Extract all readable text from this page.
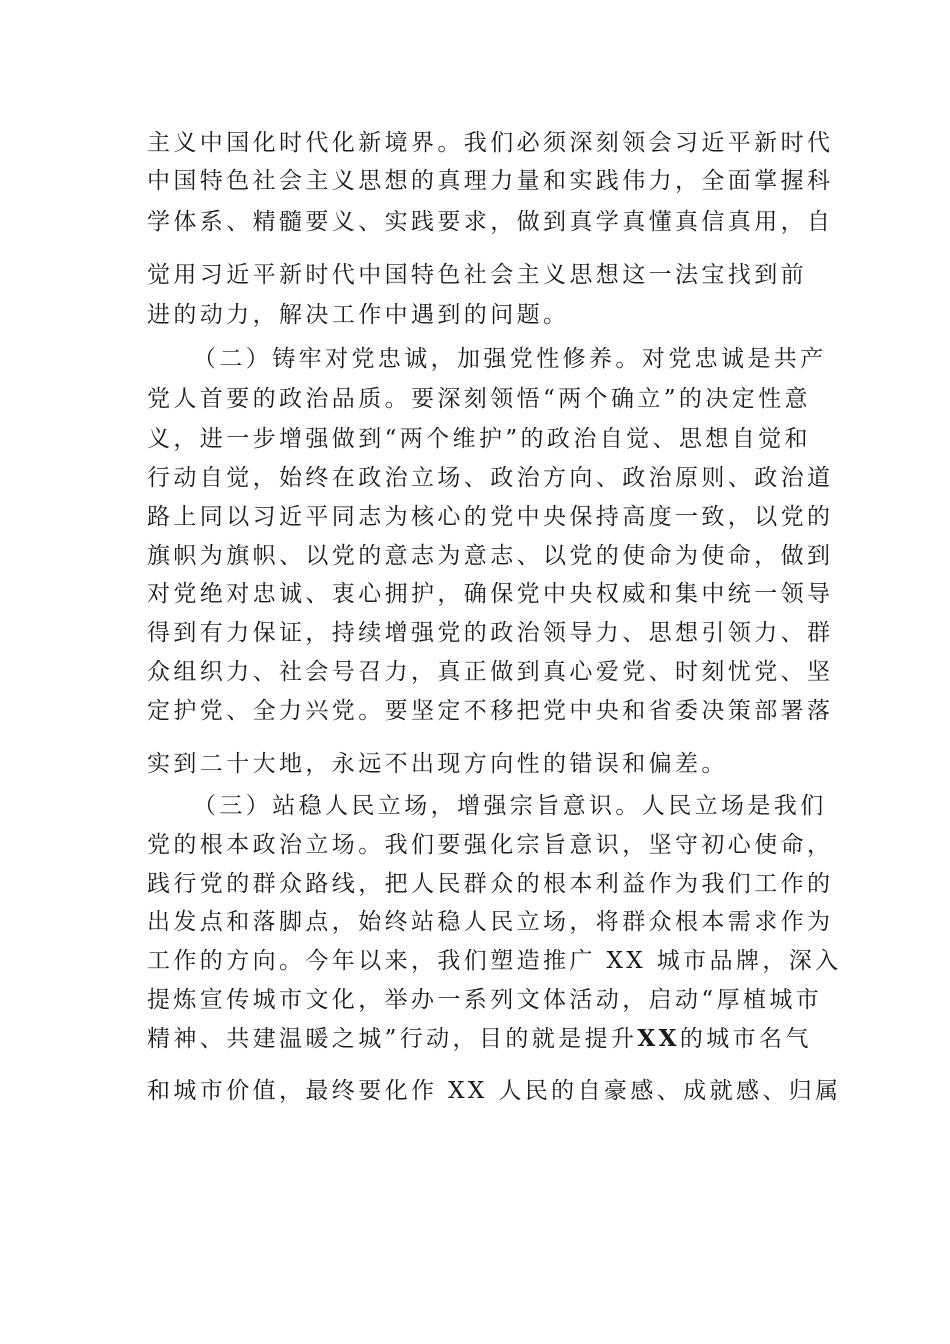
主义中国化时代化新境界。我们必须深刻领会习近平新时代
中国特色社会主义思想的真理力量和实践伟力，全面掌握科
学体系、精髓要义、实践要求，做到真学真懂真信真用，自
觉用习近平新时代中国特色社会主义思想这一法宝找到前
进的动力，解决工作中遇到的问题。
（二）铸牢对党忠诚，加强党性修养。对党忠诚是共产
党人首要的政治品质。要深刻领悟“两个确立”的决定性意
义，进一步增强做到“两个维护”的政治自觉、思想自觉和
行动自觉，始终在政治立场、政治方向、政治原则、政治道
路上同以习近平同志为核心的党中央保持高度一致，以党的
旗帜为旗帜、以党的意志为意志、以党的使命为使命，做到
对党绝对忠诚、衷心拥护，确保党中央权威和集中统一领导
得到有力保证，持续增强党的政治领导力、思想引领力、群
众组织力、社会号召力，真正做到真心爱党、时刻忧党、坚
定护党、全力兴党。要坚定不移把党中央和省委决策部署落
实到二十大地，永远不出现方向性的错误和偏差。
（三）站稳人民立场，增强宗旨意识。人民立场是我们
党的根本政治立场。我们要强化宗旨意识，坚守初心使命，
践行党的群众路线，把人民群众的根本利益作为我们工作的
出发点和落脚点，始终站稳人民立场，将群众根本需求作为
工作的方向。今年以来，我们塑造推广 XX 城市品牌，深入
提炼宣传城市文化，举办一系列文体活动，启动“厚植城市
精神、共建温暖之城”行动，目的就是提升XX的城市名气
和城市价值，最终要化作 XX 人民的自豪感、成就感、归属
